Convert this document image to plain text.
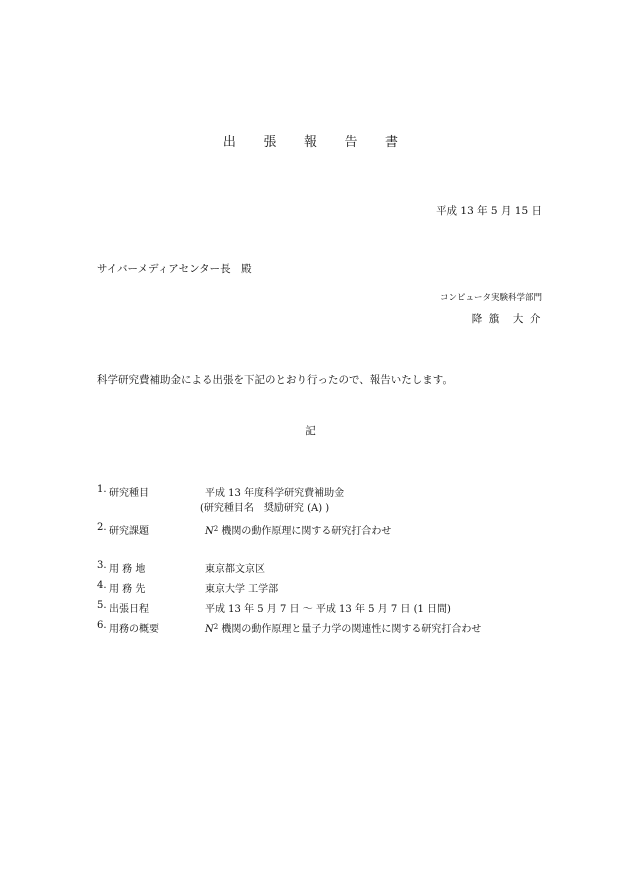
出 張 報 告 書
平成 13 年 5 月 15 日
サイバーメディアセンター長　殿
コンピュータ実験科学部門
降 籏　大 介
科学研究費補助金による出張を下記のとおり行ったので、報告いたします。
記
1. 研究種目	平成 13 年度科学研究費補助金
(研究種目名　奨励研究 (A) )
2. 研究課題	$N^2$ 機関の動作原理に関する研究打合わせ
3. 用 務 地	東京都文京区
4. 用 務 先	東京大学 工学部
5. 出張日程	平成 13 年 5 月 7 日 〜 平成 13 年 5 月 7 日 (1 日間)
6. 用務の概要	$N^2$ 機関の動作原理と量子力学の関連性に関する研究打合わせ
